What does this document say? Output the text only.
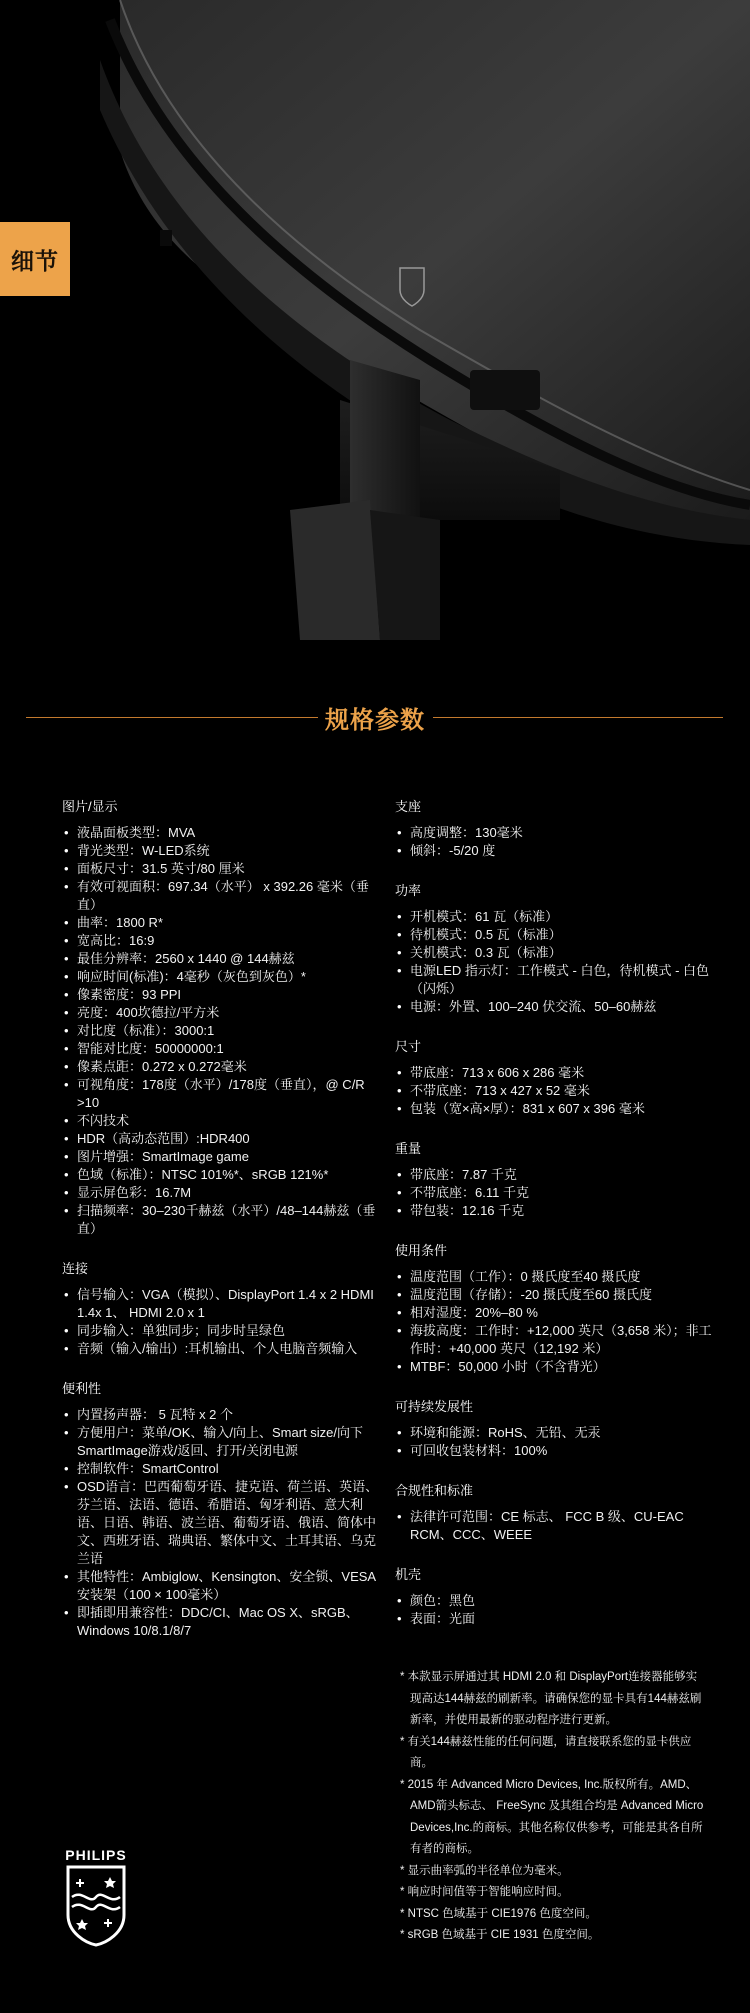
细节
规格参数
图片/显示
• 液晶面板类型：MVA
• 背光类型：W-LED系统
• 面板尺寸：31.5 英寸/80 厘米
• 有效可视面积：697.34（水平） x 392.26 毫米（垂直）
• 曲率：1800 R*
• 宽高比：16:9
• 最佳分辨率：2560 x 1440 @ 144赫兹
• 响应时间(标准)：4毫秒（灰色到灰色）*
• 像素密度：93 PPI
• 亮度：400坎德拉/平方米
• 对比度（标准）：3000:1
• 智能对比度：50000000:1
• 像素点距：0.272 x 0.272毫米
• 可视角度：178度（水平）/178度（垂直），@ C/R >10
• 不闪技术
• HDR（高动态范围）:HDR400
• 图片增强：SmartImage game
• 色域（标准）：NTSC 101%*、sRGB 121%*
• 显示屏色彩：16.7M
• 扫描频率：30–230千赫兹（水平）/48–144赫兹（垂直）
连接
• 信号输入：VGA（模拟）、DisplayPort 1.4 x 2 HDMI 1.4x 1、 HDMI 2.0 x 1
• 同步输入：单独同步；同步时呈绿色
• 音频（输入/输出）:耳机输出、个人电脑音频输入
便利性
• 内置扬声器： 5 瓦特 x 2 个
• 方便用户：菜单/OK、输入/向上、Smart size/向下 SmartImage游戏/返回、打开/关闭电源
• 控制软件：SmartControl
• OSD语言：巴西葡萄牙语、捷克语、荷兰语、英语、芬兰语、法语、德语、希腊语、匈牙利语、意大利语、日语、韩语、波兰语、葡萄牙语、俄语、简体中文、西班牙语、瑞典语、繁体中文、土耳其语、乌克兰语
• 其他特性：Ambiglow、Kensington、安全锁、VESA安装架（100 × 100毫米）
• 即插即用兼容性：DDC/CI、Mac OS X、sRGB、Windows 10/8.1/8/7
支座
• 高度调整：130毫米
• 倾斜：-5/20 度
功率
• 开机模式：61 瓦（标准）
• 待机模式：0.5 瓦（标准）
• 关机模式：0.3 瓦（标准）
• 电源LED 指示灯：工作模式 - 白色，待机模式 - 白色（闪烁）
• 电源：外置、100–240 伏交流、50–60赫兹
尺寸
• 带底座：713 x 606 x 286 毫米
• 不带底座：713 x 427 x 52 毫米
• 包装（宽×高×厚）：831 x 607 x 396 毫米
重量
• 带底座：7.87 千克
• 不带底座：6.11 千克
• 带包装：12.16 千克
使用条件
• 温度范围（工作）：0 摄氏度至40 摄氏度
• 温度范围（存储）：-20 摄氏度至60 摄氏度
• 相对湿度：20%–80 %
• 海拔高度：工作时：+12,000 英尺（3,658 米）；非工作时：+40,000 英尺（12,192 米）
• MTBF：50,000 小时（不含背光）
可持续发展性
• 环境和能源：RoHS、无铅、无汞
• 可回收包装材料：100%
合规性和标准
• 法律许可范围：CE 标志、 FCC B 级、CU-EAC RCM、CCC、WEEE
机壳
• 颜色：黑色
• 表面：光面

* 本款显示屏通过其 HDMI 2.0 和 DisplayPort连接器能够实现高达144赫兹的刷新率。请确保您的显卡具有144赫兹刷新率，并使用最新的驱动程序进行更新。

* 有关144赫兹性能的任何问题，请直接联系您的显卡供应商。

* 2015 年 Advanced Micro Devices, Inc.版权所有。AMD、AMD箭头标志、 FreeSync 及其组合均是 Advanced Micro Devices,Inc.的商标。其他名称仅供参考，可能是其各自所有者的商标。

* 显示曲率弧的半径单位为毫米。

* 响应时间值等于智能响应时间。

* NTSC 色域基于 CIE1976 色度空间。

* sRGB 色域基于 CIE 1931 色度空间。

PHILIPS
